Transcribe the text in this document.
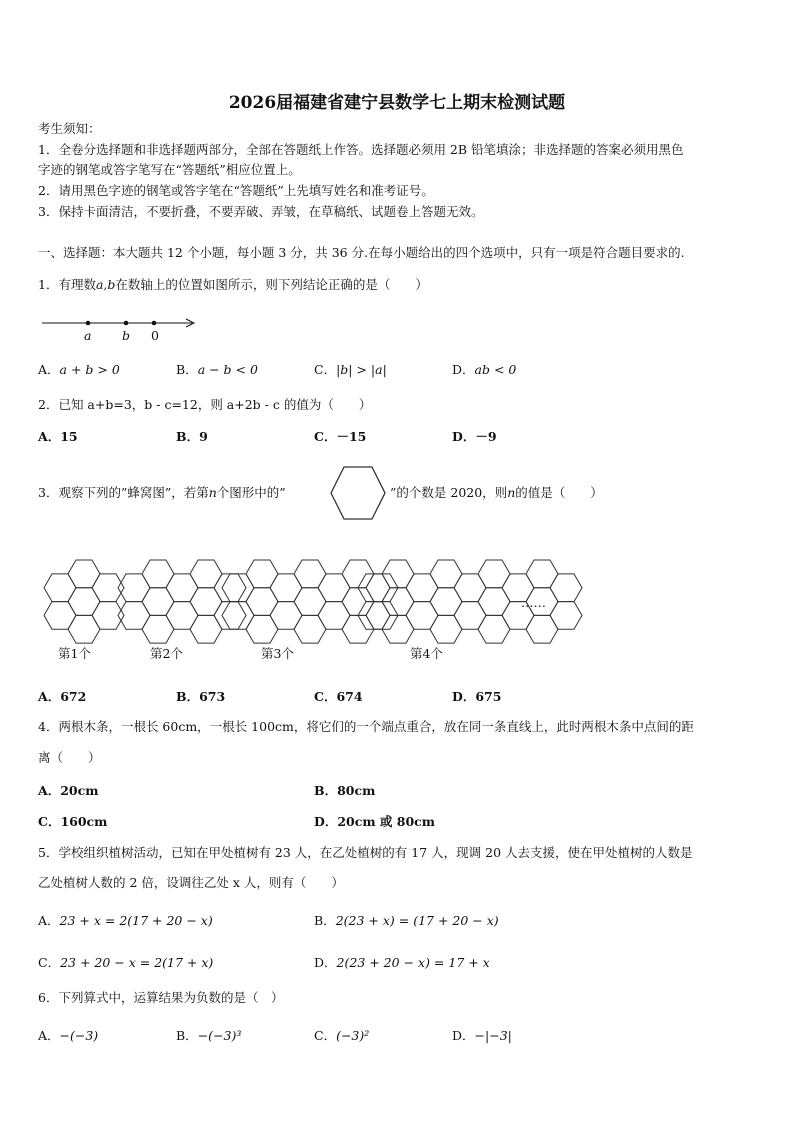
2026届福建省建宁县数学七上期末检测试题
考生须知：
1．全卷分选择题和非选择题两部分，全部在答题纸上作答。选择题必须用 2B 铅笔填涂；非选择题的答案必须用黑色
字迹的钢笔或答字笔写在“答题纸”相应位置上。
2．请用黑色字迹的钢笔或答字笔在“答题纸”上先填写姓名和准考证号。
3．保持卡面清洁，不要折叠，不要弄破、弄皱，在草稿纸、试题卷上答题无效。
一、选择题：本大题共 12 个小题，每小题 3 分，共 36 分.在每小题给出的四个选项中，只有一项是符合题目要求的.
1．有理数a,b在数轴上的位置如图所示，则下列结论正确的是（　　）
a b 0
A．a + b > 0	B．a − b < 0	C．|b| > |a|	D．ab < 0
2．已知 a+b=3，b - c=12，则 a+2b - c 的值为（　　）
A．15	B．9	C．－15	D．－9
3．观察下列的”蜂窝图”，若第n个图形中的”	”的个数是 2020，则n的值是（　　）
第1个	第2个	第3个	第4个
……
A．672	B．673	C．674	D．675
4．两根木条，一根长 60cm，一根长 100cm，将它们的一个端点重合，放在同一条直线上，此时两根木条中点间的距
离（　　）
A．20cm	B．80cm
C．160cm	D．20cm 或 80cm
5．学校组织植树活动，已知在甲处植树有 23 人，在乙处植树的有 17 人，现调 20 人去支援，使在甲处植树的人数是
乙处植树人数的 2 倍，设调往乙处 x 人，则有（　　）
A．23 + x = 2(17 + 20 − x)	B．2(23 + x) = (17 + 20 − x)
C．23 + 20 − x = 2(17 + x)	D．2(23 + 20 − x) = 17 + x
6．下列算式中，运算结果为负数的是（　）
A．−(−3)	B．−(−3)³	C．(−3)²	D．−|−3|
